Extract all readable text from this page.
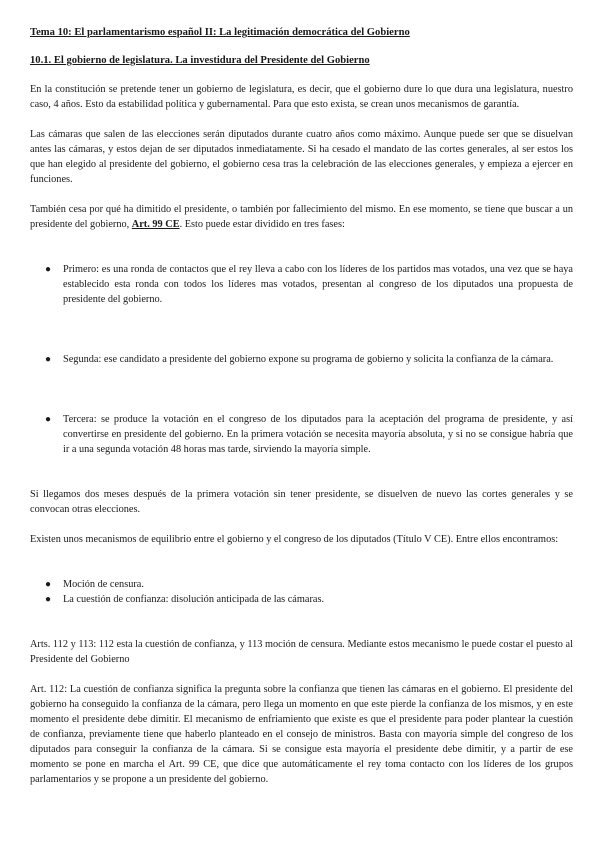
Tema 10: El parlamentarismo español II: La legitimación democrática del Gobierno
10.1. El gobierno de legislatura. La investidura del Presidente del Gobierno

En la constitución se pretende tener un gobierno de legislatura, es decir, que el gobierno dure lo que dura una legislatura, nuestro caso, 4 años. Esto da estabilidad política y gubernamental. Para que esto exista, se crean unos mecanismos de garantía.

Las cámaras que salen de las elecciones serán diputados durante cuatro años como máximo. Aunque puede ser que se disuelvan antes las cámaras, y estos dejan de ser diputados inmediatamente. Si ha cesado el mandato de las cortes generales, al ser estos los que han elegido al presidente del gobierno, el gobierno cesa tras la celebración de las elecciones generales, y empieza a ejercer en funciones.

También cesa por qué ha dimitido el presidente, o también por fallecimiento del mismo. En ese momento, se tiene que buscar a un presidente del gobierno, Art. 99 CE. Esto puede estar dividido en tres fases:

● Primero: es una ronda de contactos que el rey lleva a cabo con los líderes de los partidos mas votados, una vez que se haya establecido esta ronda con todos los líderes mas votados, presentan al congreso de los diputados una propuesta de presidente del gobierno.
● Segunda: ese candidato a presidente del gobierno expone su programa de gobierno y solicita la confianza de la cámara.
● Tercera: se produce la votación en el congreso de los diputados para la aceptación del programa de presidente, y así convertirse en presidente del gobierno. En la primera votación se necesita mayoría absoluta, y si no se consigue habría que ir a una segunda votación 48 horas mas tarde, sirviendo la mayoría simple.

Si llegamos dos meses después de la primera votación sin tener presidente, se disuelven de nuevo las cortes generales y se convocan otras elecciones.

Existen unos mecanismos de equilibrio entre el gobierno y el congreso de los diputados (Título V CE). Entre ellos encontramos:

● Moción de censura.
● La cuestión de confianza: disolución anticipada de las cámaras.

Arts. 112 y 113: 112 esta la cuestión de confianza, y 113 moción de censura. Mediante estos mecanismo le puede costar el puesto al Presidente del Gobierno

Art. 112: La cuestión de confianza significa la pregunta sobre la confianza que tienen las cámaras en el gobierno. El presidente del gobierno ha conseguido la confianza de la cámara, pero llega un momento en que este pierde la confianza de los mismos, y en este momento el presidente debe dimitir. El mecanismo de enfriamiento que existe es que el presidente para poder plantear la cuestión de confianza, previamente tiene que haberlo planteado en el consejo de ministros. Basta con mayoría simple del congreso de los diputados para conseguir la confianza de la cámara. Si se consigue esta mayoría el presidente debe dimitir, y a partir de ese momento se pone en marcha el Art. 99 CE, que dice que automáticamente el rey toma contacto con los líderes de los grupos parlamentarios y se propone a un presidente del gobierno.
